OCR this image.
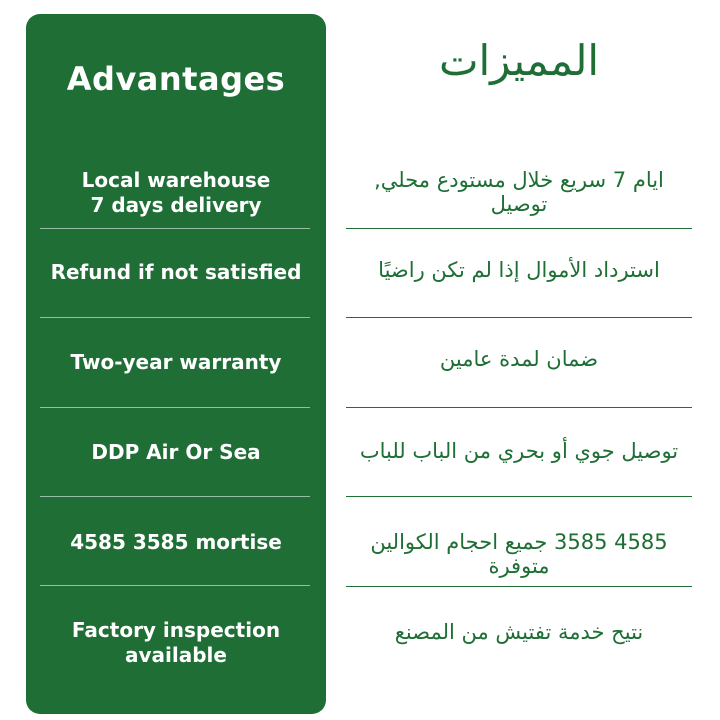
Advantages
Local warehouse
7 days delivery
Refund if not satisfied
Two-year warranty
DDP Air Or Sea
4585 3585 mortise
Factory inspection
available
المميزات
ايام 7 سريع خلال مستودع محلي, توصيل
استرداد الأموال إذا لم تكن راضيًا
ضمان لمدة عامين
توصيل جوي أو بحري من الباب للباب
4585 3585 جميع احجام الكوالين متوفرة
نتيح خدمة تفتيش من المصنع
